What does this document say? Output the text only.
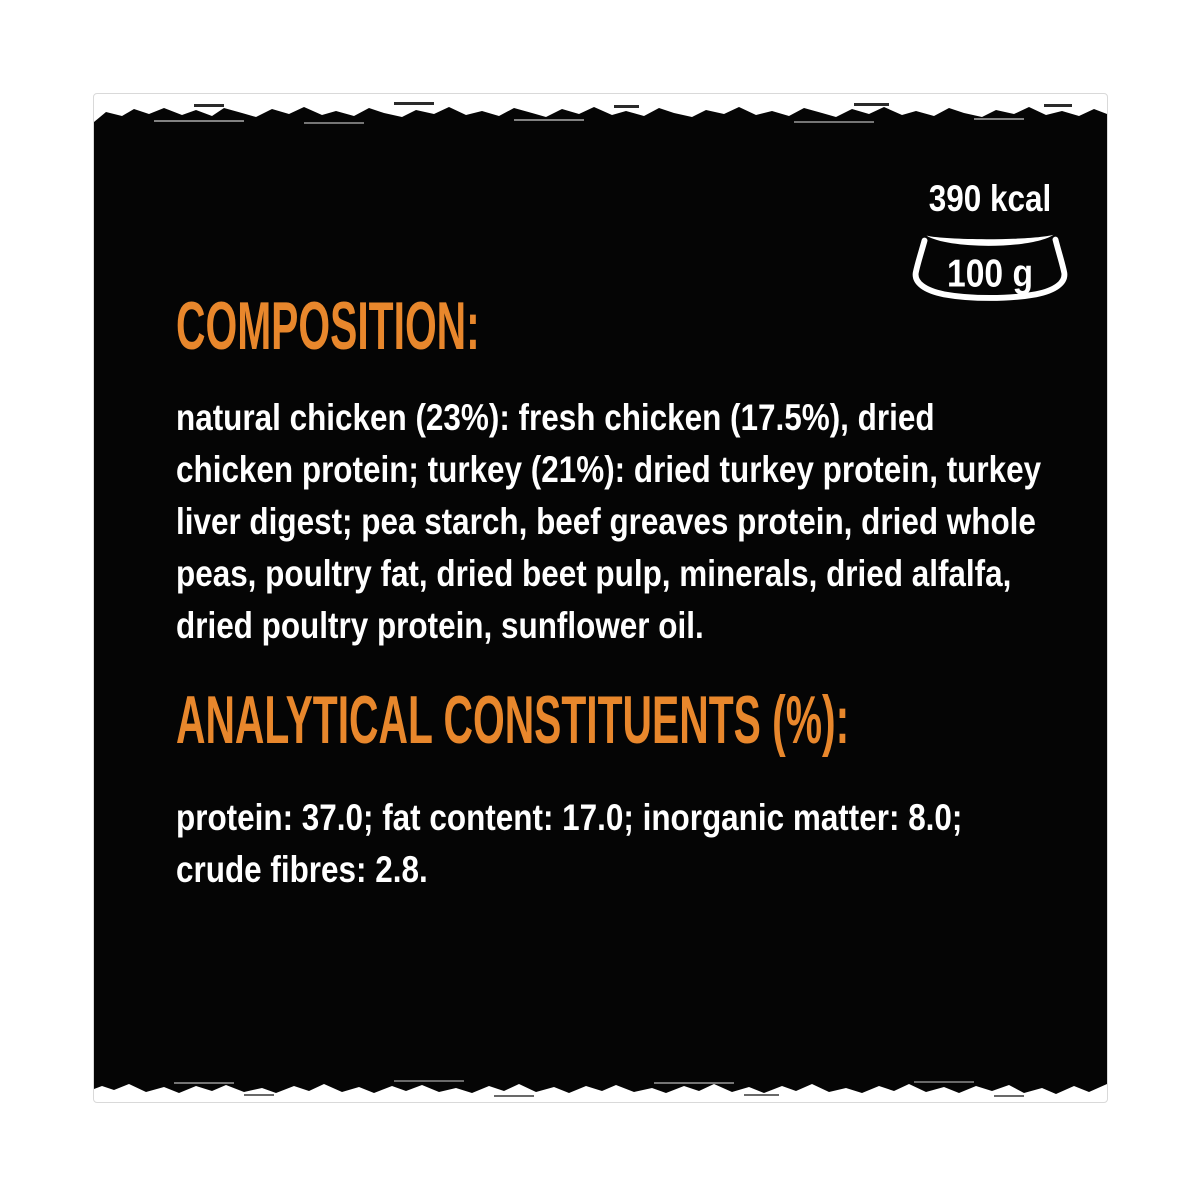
390 kcal
100 g
COMPOSITION:
natural chicken (23%): fresh chicken (17.5%), dried
chicken protein; turkey (21%): dried turkey protein, turkey
liver digest; pea starch, beef greaves protein, dried whole
peas, poultry fat, dried beet pulp, minerals, dried alfalfa,
dried poultry protein, sunflower oil.
ANALYTICAL CONSTITUENTS (%):
protein: 37.0; fat content: 17.0; inorganic matter: 8.0;
crude fibres: 2.8.
